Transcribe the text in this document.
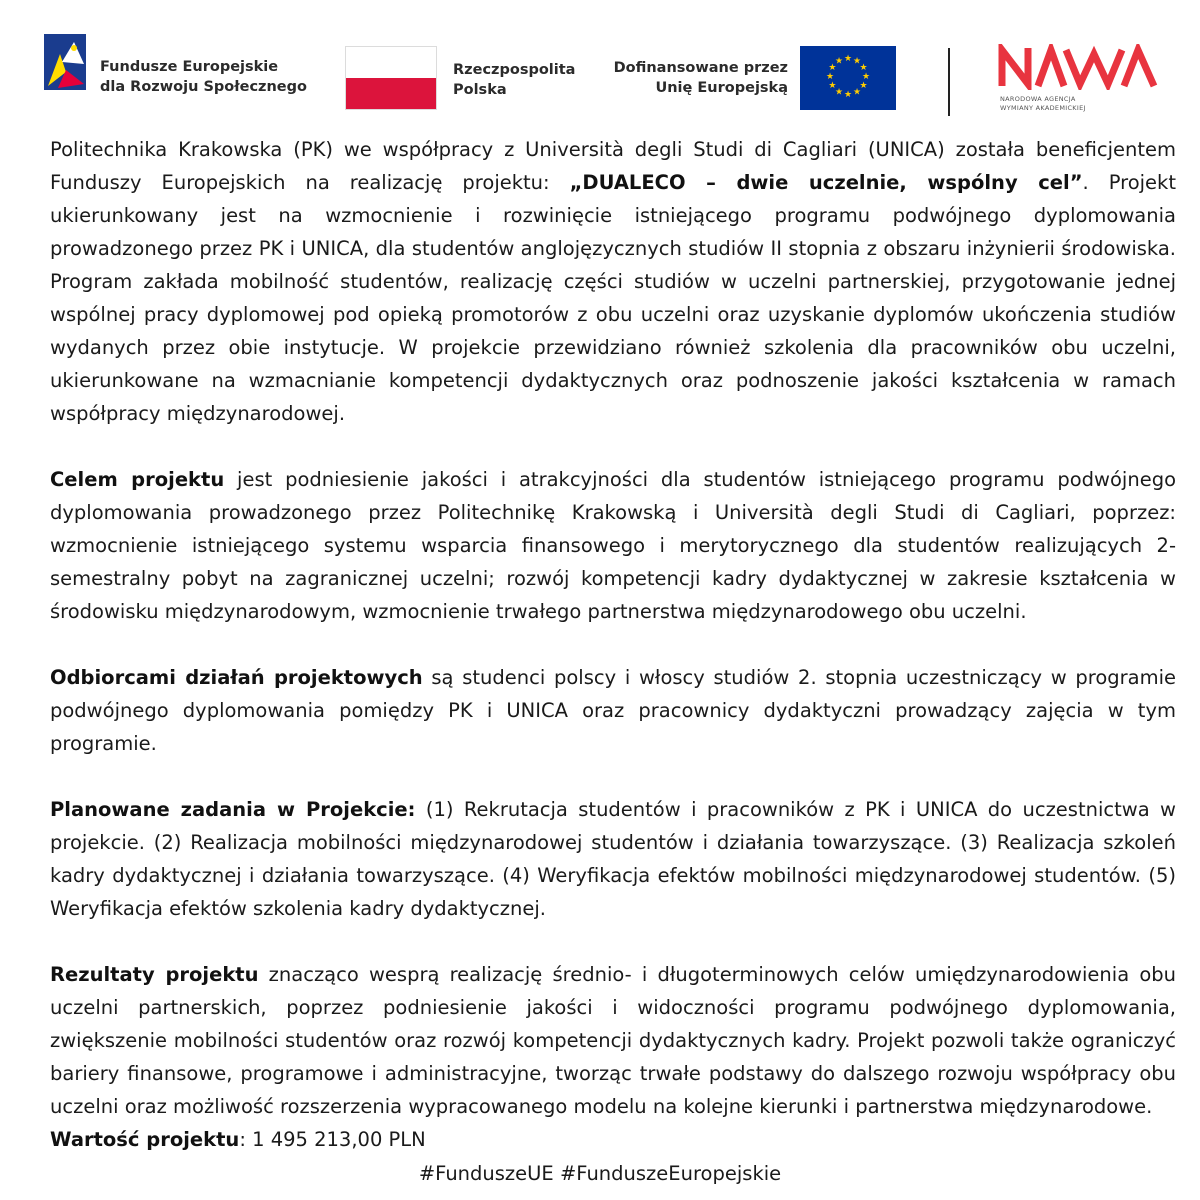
Fundusze Europejskie
dla Rozwoju Społecznego
Rzeczpospolita
Polska
Dofinansowane przez
Unię Europejską
★ ★
★
★
★
★
★
★
★
★
★
★
NARODOWA AGENCJA
WYMIANY AKADEMICKIEJ

Politechnika Krakowska (PK) we współpracy z Università degli Studi di Cagliari (UNICA) została beneficjentem Funduszy Europejskich na realizację projektu: „DUALECO – dwie uczelnie, wspólny cel”. Projekt ukierunkowany jest na wzmocnienie i rozwinięcie istniejącego programu podwójnego dyplomowania prowadzonego przez PK i UNICA, dla studentów anglojęzycznych studiów II stopnia z obszaru inżynierii środowiska. Program zakłada mobilność studentów, realizację części studiów w uczelni partnerskiej, przygotowanie jednej wspólnej pracy dyplomowej pod opieką promotorów z obu uczelni oraz uzyskanie dyplomów ukończenia studiów wydanych przez obie instytucje. W projekcie przewidziano również szkolenia dla pracowników obu uczelni, ukierunkowane na wzmacnianie kompetencji dydaktycznych oraz podnoszenie jakości kształcenia w ramach współpracy międzynarodowej.

Celem projektu jest podniesienie jakości i atrakcyjności dla studentów istniejącego programu podwójnego dyplomowania prowadzonego przez Politechnikę Krakowską i Università degli Studi di Cagliari, poprzez: wzmocnienie istniejącego systemu wsparcia finansowego i merytorycznego dla studentów realizujących 2-semestralny pobyt na zagranicznej uczelni; rozwój kompetencji kadry dydaktycznej w zakresie kształcenia w środowisku międzynarodowym, wzmocnienie trwałego partnerstwa międzynarodowego obu uczelni.

Odbiorcami działań projektowych są studenci polscy i włoscy studiów 2. stopnia uczestniczący w programie podwójnego dyplomowania pomiędzy PK i UNICA oraz pracownicy dydaktyczni prowadzący zajęcia w tym programie.

Planowane zadania w Projekcie: (1) Rekrutacja studentów i pracowników z PK i UNICA do uczestnictwa w projekcie. (2) Realizacja mobilności międzynarodowej studentów i działania towarzyszące. (3) Realizacja szkoleń kadry dydaktycznej i działania towarzyszące. (4) Weryfikacja efektów mobilności międzynarodowej studentów. (5) Weryfikacja efektów szkolenia kadry dydaktycznej.

Rezultaty projektu znacząco wesprą realizację średnio- i długoterminowych celów umiędzynarodowienia obu uczelni partnerskich, poprzez podniesienie jakości i widoczności programu podwójnego dyplomowania, zwiększenie mobilności studentów oraz rozwój kompetencji dydaktycznych kadry. Projekt pozwoli także ograniczyć bariery finansowe, programowe i administracyjne, tworząc trwałe podstawy do dalszego rozwoju współpracy obu uczelni oraz możliwość rozszerzenia wypracowanego modelu na kolejne kierunki i partnerstwa międzynarodowe.

Wartość projektu: 1 495 213,00 PLN

#FunduszeUE #FunduszeEuropejskie
